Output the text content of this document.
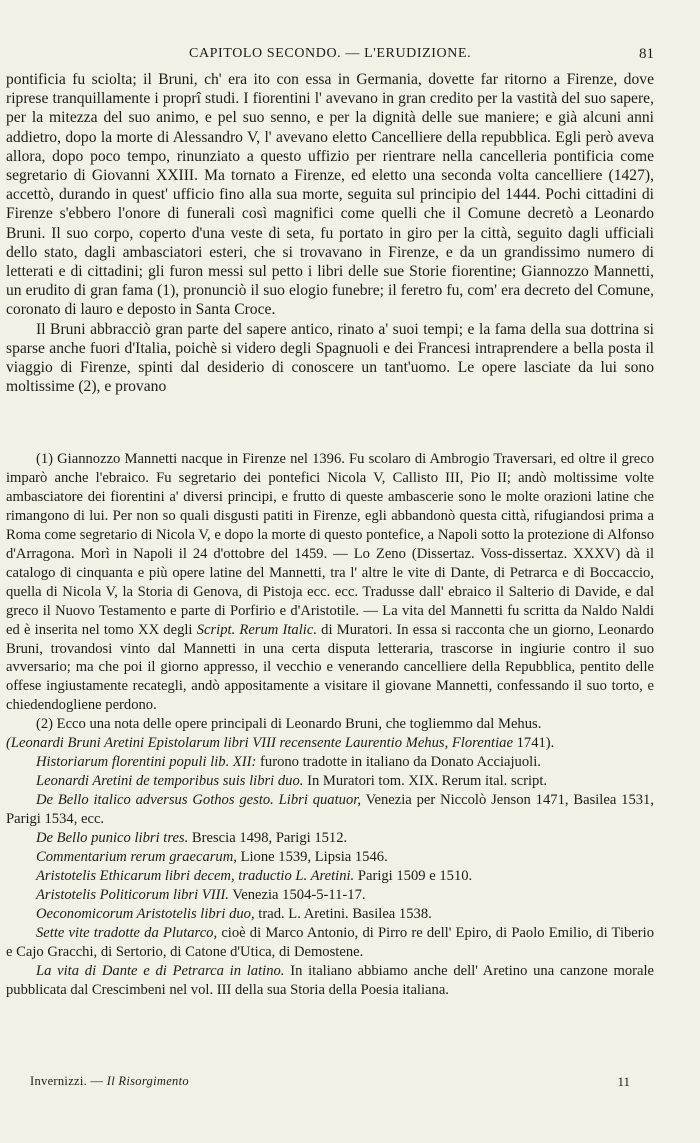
CAPITOLO SECONDO. — L'ERUDIZIONE.	81

pontificia fu sciolta; il Bruni, ch' era ito con essa in Germania, dovette far ritorno a Firenze, dove riprese tranquillamente i proprî studi. I fiorentini l' avevano in gran credito per la vastità del suo sapere, per la mitezza del suo animo, e pel suo senno, e per la dignità delle sue maniere; e già alcuni anni addietro, dopo la morte di Alessandro V, l' avevano eletto Cancelliere della repubblica. Egli però aveva allora, dopo poco tempo, rinunziato a questo uffizio per rientrare nella cancelleria pontificia come segretario di Giovanni XXIII. Ma tornato a Firenze, ed eletto una seconda volta cancelliere (1427), accettò, durando in quest' ufficio fino alla sua morte, seguita sul principio del 1444. Pochi cittadini di Firenze s'ebbero l'onore di funerali così magnifici come quelli che il Comune decretò a Leonardo Bruni. Il suo corpo, coperto d'una veste di seta, fu portato in giro per la città, seguito dagli ufficiali dello stato, dagli ambasciatori esteri, che si trovavano in Firenze, e da un grandissimo numero di letterati e di cittadini; gli furon messi sul petto i libri delle sue Storie fiorentine; Giannozzo Mannetti, un erudito di gran fama (1), pronunciò il suo elogio funebre; il feretro fu, com' era decreto del Comune, coronato di lauro e deposto in Santa Croce.

Il Bruni abbracciò gran parte del sapere antico, rinato a' suoi tempi; e la fama della sua dottrina si sparse anche fuori d'Italia, poichè si videro degli Spagnuoli e dei Francesi intraprendere a bella posta il viaggio di Firenze, spinti dal desiderio di conoscere un tant'uomo. Le opere lasciate da lui sono moltissime (2), e provano

(1) Giannozzo Mannetti nacque in Firenze nel 1396. Fu scolaro di Ambrogio Traversari, ed oltre il greco imparò anche l'ebraico. Fu segretario dei pontefici Nicola V, Callisto III, Pio II; andò moltissime volte ambasciatore dei fiorentini a' diversi principi, e frutto di queste ambascerie sono le molte orazioni latine che rimangono di lui. Per non so quali disgusti patiti in Firenze, egli abbandonò questa città, rifugiandosi prima a Roma come segretario di Nicola V, e dopo la morte di questo pontefice, a Napoli sotto la protezione di Alfonso d'Arragona. Morì in Napoli il 24 d'ottobre del 1459. — Lo Zeno (Dissertaz. Voss-dissertaz. XXXV) dà il catalogo di cinquanta e più opere latine del Mannetti, tra l' altre le vite di Dante, di Petrarca e di Boccaccio, quella di Nicola V, la Storia di Genova, di Pistoja ecc. ecc. Tradusse dall' ebraico il Salterio di Davide, e dal greco il Nuovo Testamento e parte di Porfirio e d'Aristotile. — La vita del Mannetti fu scritta da Naldo Naldi ed è inserita nel tomo XX degli Script. Rerum Italic. di Muratori. In essa si racconta che un giorno, Leonardo Bruni, trovandosi vinto dal Mannetti in una certa disputa letteraria, trascorse in ingiurie contro il suo avversario; ma che poi il giorno appresso, il vecchio e venerando cancelliere della Repubblica, pentito delle offese ingiustamente recategli, andò appositamente a visitare il giovane Mannetti, confessando il suo torto, e chiedendogliene perdono.

(2) Ecco una nota delle opere principali di Leonardo Bruni, che togliemmo dal Mehus.

(Leonardi Bruni Aretini Epistolarum libri VIII recensente Laurentio Mehus, Florentiae 1741).

Historiarum florentini populi lib. XII: furono tradotte in italiano da Donato Acciajuoli.
Leonardi Aretini de temporibus suis libri duo. In Muratori tom. XIX. Rerum ital. script.
De Bello italico adversus Gothos gesto. Libri quatuor, Venezia per Niccolò Jenson 1471, Basilea 1531, Parigi 1534, ecc.
De Bello punico libri tres. Brescia 1498, Parigi 1512.
Commentarium rerum graecarum, Lione 1539, Lipsia 1546.
Aristotelis Ethicarum libri decem, traductio L. Aretini. Parigi 1509 e 1510.
Aristotelis Politicorum libri VIII. Venezia 1504-5-11-17.
Oeconomicorum Aristotelis libri duo, trad. L. Aretini. Basilea 1538.
Sette vite tradotte da Plutarco, cioè di Marco Antonio, di Pirro re dell' Epiro, di Paolo Emilio, di Tiberio e Cajo Gracchi, di Sertorio, di Catone d'Utica, di Demostene.
La vita di Dante e di Petrarca in latino. In italiano abbiamo anche dell' Aretino una canzone morale pubblicata dal Crescimbeni nel vol. III della sua Storia della Poesia italiana.
Invernizzi. — Il Risorgimento	11
